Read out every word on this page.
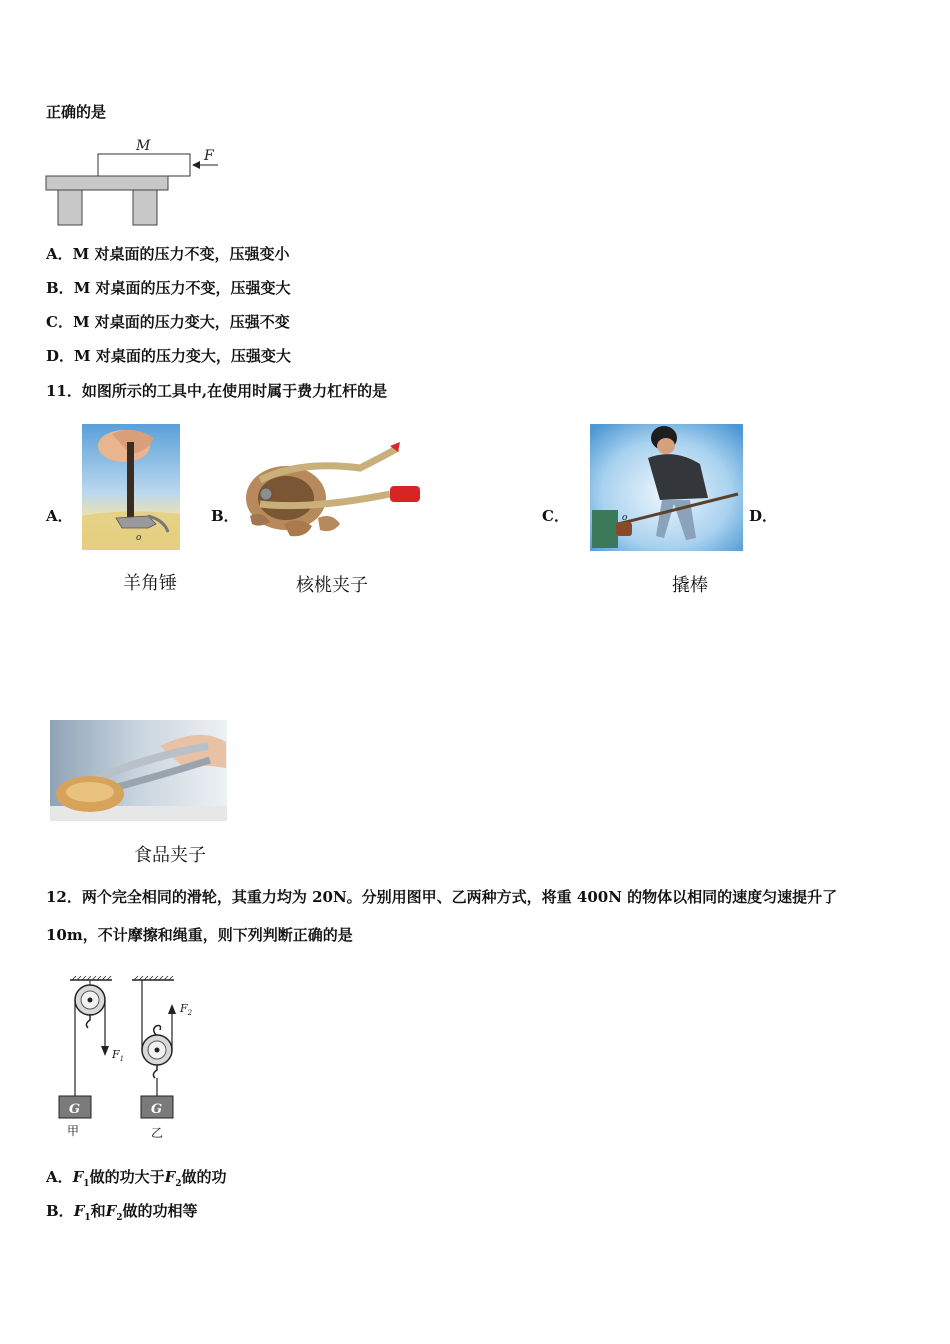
正确的是
M
F
A．M 对桌面的压力不变，压强变小
B．M 对桌面的压力不变，压强变大
C．M 对桌面的压力变大，压强不变
D．M 对桌面的压力变大，压强变大
11．如图所示的工具中,在使用时属于费力杠杆的是
A．	B．	C．	D．
o
羊角锤	核桃夹子
o
撬棒
食品夹子
12．两个完全相同的滑轮，其重力均为 20N。分别用图甲、乙两种方式，将重 400N 的物体以相同的速度匀速提升了
10m，不计摩擦和绳重，则下列判断正确的是
$F_1$
G
甲
$F_2$
G
乙
A．$F_1$做的功大于$F_2$做的功
B．$F_1$和$F_2$做的功相等
